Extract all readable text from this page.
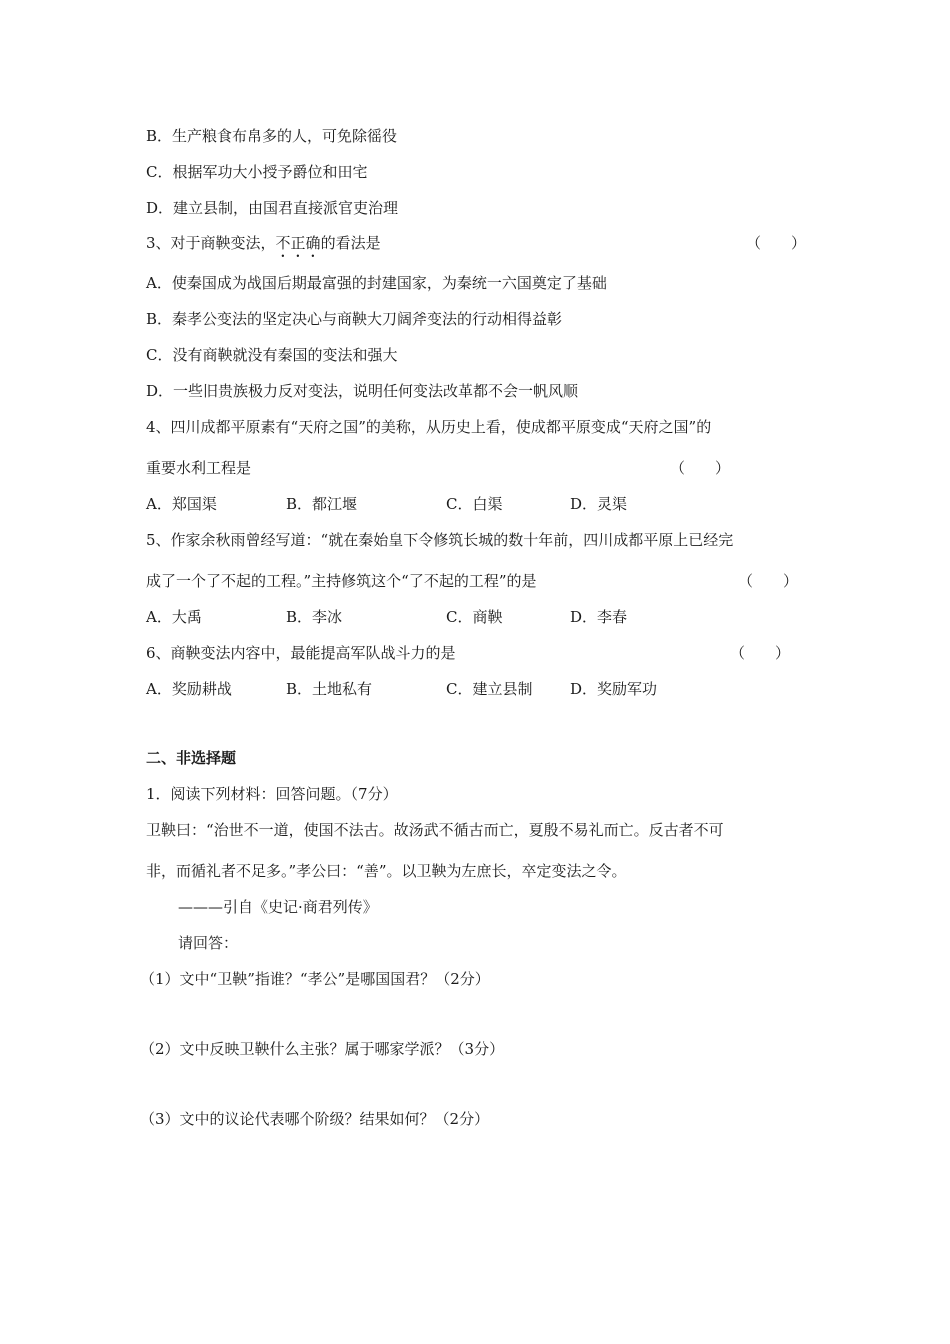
B．生产粮食布帛多的人，可免除徭役
C．根据军功大小授予爵位和田宅
D．建立县制，由国君直接派官吏治理
3、对于商鞅变法，不正确的看法是	（　　）
A．使秦国成为战国后期最富强的封建国家，为秦统一六国奠定了基础
B．秦孝公变法的坚定决心与商鞅大刀阔斧变法的行动相得益彰
C．没有商鞅就没有秦国的变法和强大
D．一些旧贵族极力反对变法，说明任何变法改革都不会一帆风顺
4、四川成都平原素有“天府之国”的美称，从历史上看，使成都平原变成“天府之国”的
重要水利工程是	（　　）
A．郑国渠	B．都江堰	C．白渠	D．灵渠
5、作家余秋雨曾经写道：“就在秦始皇下令修筑长城的数十年前，四川成都平原上已经完
成了一个了不起的工程。”主持修筑这个“了不起的工程”的是	（　　）
A．大禹	B．李冰	C．商鞅	D．李春
6、商鞅变法内容中，最能提高军队战斗力的是	（　　）
A．奖励耕战	B．土地私有	C．建立县制	D．奖励军功
二、非选择题
1．阅读下列材料：回答问题。（7分）
卫鞅曰：“治世不一道，使国不法古。故汤武不循古而亡，夏殷不易礼而亡。反古者不可
非，而循礼者不足多。”孝公曰：“善”。以卫鞅为左庶长，卒定变法之令。
———引自《史记·商君列传》
请回答：
（1）文中“卫鞅”指谁？“孝公”是哪国国君？（2分）
（2）文中反映卫鞅什么主张？属于哪家学派？（3分）
（3）文中的议论代表哪个阶级？结果如何？（2分）
